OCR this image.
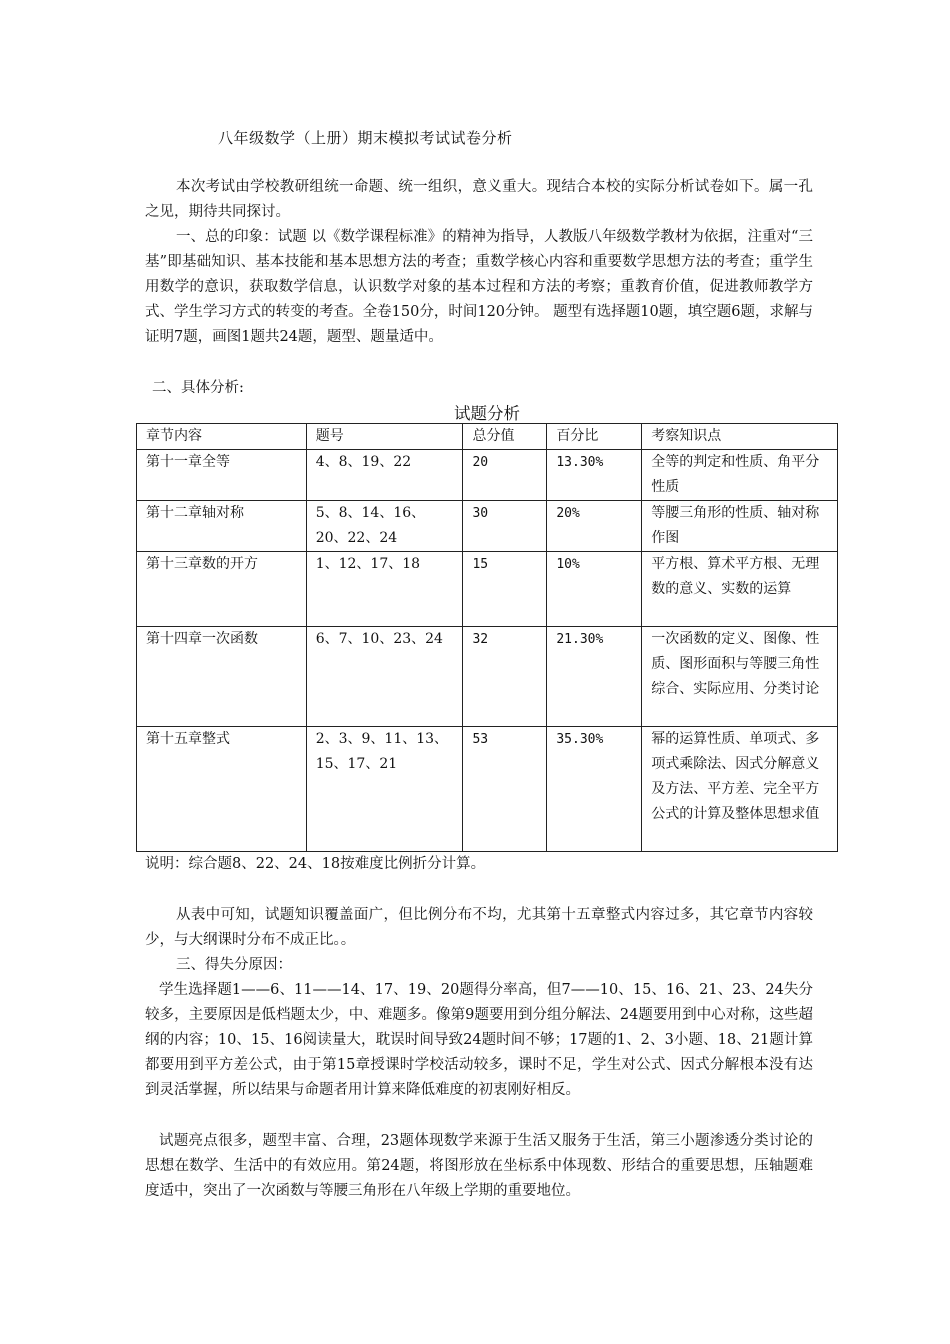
八年级数学（上册）期末模拟考试试卷分析

本次考试由学校教研组统一命题、统一组织，意义重大。现结合本校的实际分析试卷如下。属一孔之见，期待共同探讨。

一、总的印象：试题 以《数学课程标准》的精神为指导，人教版八年级数学教材为依据，注重对“三基”即基础知识、基本技能和基本思想方法的考查；重数学核心内容和重要数学思想方法的考查；重学生用数学的意识，获取数学信息，认识数学对象的基本过程和方法的考察；重教育价值，促进教师教学方式、学生学习方式的转变的考查。全卷150分，时间120分钟。 题型有选择题10题，填空题6题，求解与证明7题，画图1题共24题，题型、题量适中。

二、具体分析:

试题分析
章节内容	题号	总分值	百分比	考察知识点
第十一章全等	4、8、19、22	20	13.30%	全等的判定和性质、角平分性质
第十二章轴对称	5、8、14、16、20、22、24	30	20%	等腰三角形的性质、轴对称作图
第十三章数的开方	1、12、17、18	15	10%	平方根、算术平方根、无理数的意义、实数的运算
第十四章一次函数	6、7、10、23、24	32	21.30%	一次函数的定义、图像、性质、图形面积与等腰三角性综合、实际应用、分类讨论
第十五章整式	2、3、9、11、13、15、17、21	53	35.30%	幂的运算性质、单项式、多项式乘除法、因式分解意义及方法、平方差、完全平方公式的计算及整体思想求值
说明：综合题8、22、24、18按难度比例折分计算。

从表中可知，试题知识覆盖面广，但比例分布不均，尤其第十五章整式内容过多，其它章节内容较少，与大纲课时分布不成正比。。

三、得失分原因：

学生选择题1——6、11——14、17、19、20题得分率高，但7——10、15、16、21、23、24失分较多，主要原因是低档题太少，中、难题多。像第9题要用到分组分解法、24题要用到中心对称，这些超纲的内容；10、15、16阅读量大，耽误时间导致24题时间不够；17题的1、2、3小题、18、21题计算都要用到平方差公式，由于第15章授课时学校活动较多，课时不足，学生对公式、因式分解根本没有达到灵活掌握，所以结果与命题者用计算来降低难度的初衷刚好相反。

试题亮点很多，题型丰富、合理，23题体现数学来源于生活又服务于生活，第三小题渗透分类讨论的思想在数学、生活中的有效应用。第24题，将图形放在坐标系中体现数、形结合的重要思想，压轴题难度适中，突出了一次函数与等腰三角形在八年级上学期的重要地位。
